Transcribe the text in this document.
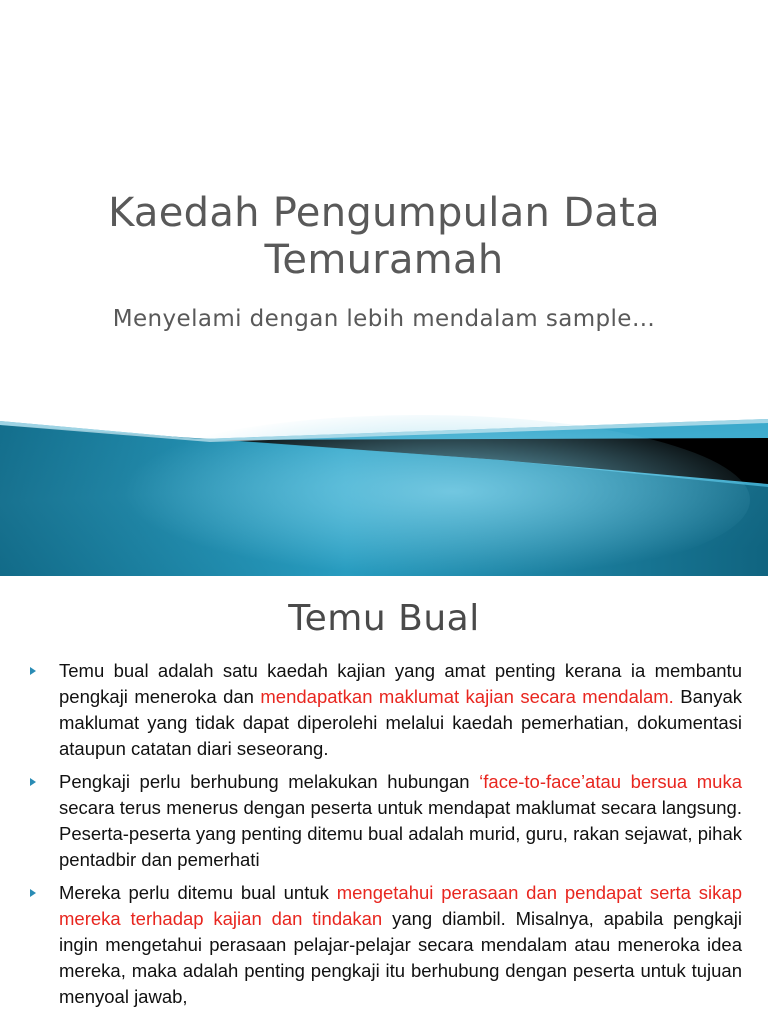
Kaedah Pengumpulan Data
Temuramah
Menyelami dengan lebih mendalam sample…
Temu Bual
Temu bual adalah satu kaedah kajian yang amat penting kerana ia membantu pengkaji meneroka dan mendapatkan maklumat kajian secara mendalam. Banyak maklumat yang tidak dapat diperolehi melalui kaedah pemerhatian, dokumentasi ataupun catatan diari seseorang.
Pengkaji perlu berhubung melakukan hubungan ‘face-to-face’atau bersua muka secara terus menerus dengan peserta untuk mendapat maklumat secara langsung. Peserta-peserta yang penting ditemu bual adalah murid, guru, rakan sejawat, pihak pentadbir dan pemerhati
Mereka perlu ditemu bual untuk mengetahui perasaan dan pendapat serta sikap mereka terhadap kajian dan tindakan yang diambil. Misalnya, apabila pengkaji ingin mengetahui perasaan pelajar-pelajar secara mendalam atau meneroka idea mereka, maka adalah penting pengkaji itu berhubung dengan peserta untuk tujuan menyoal jawab,
